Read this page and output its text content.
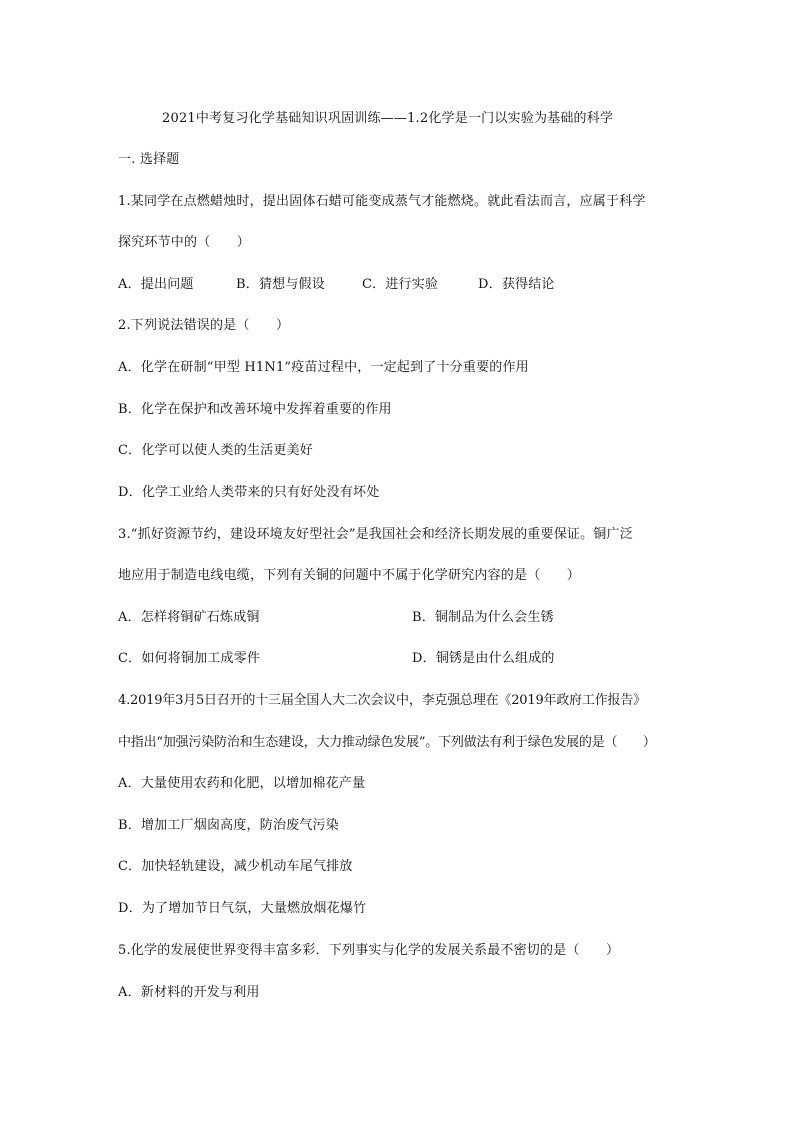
2021中考复习化学基础知识巩固训练——1.2化学是一门以实验为基础的科学
一. 选择题
1.某同学在点燃蜡烛时，提出固体石蜡可能变成蒸气才能燃烧。就此看法而言，应属于科学
探究环节中的（　　）
A．提出问题	B．猜想与假设	C．进行实验	D．获得结论
2.下列说法错误的是（　　）
A．化学在研制“甲型 H1N1”疫苗过程中，一定起到了十分重要的作用
B．化学在保护和改善环境中发挥着重要的作用
C．化学可以使人类的生活更美好
D．化学工业给人类带来的只有好处没有坏处
3.“抓好资源节约，建设环境友好型社会”是我国社会和经济长期发展的重要保证。铜广泛
地应用于制造电线电缆，下列有关铜的问题中不属于化学研究内容的是（　　）
A．怎样将铜矿石炼成铜	B．铜制品为什么会生锈
C．如何将铜加工成零件	D．铜锈是由什么组成的
4.2019年3月5日召开的十三届全国人大二次会议中，李克强总理在《2019年政府工作报告》
中指出“加强污染防治和生态建设，大力推动绿色发展”。下列做法有利于绿色发展的是（　　）
A．大量使用农药和化肥，以增加棉花产量
B．增加工厂烟囱高度，防治废气污染
C．加快轻轨建设，减少机动车尾气排放
D．为了增加节日气氛，大量燃放烟花爆竹
5.化学的发展使世界变得丰富多彩．下列事实与化学的发展关系最不密切的是（　　）
A．新材料的开发与利用
